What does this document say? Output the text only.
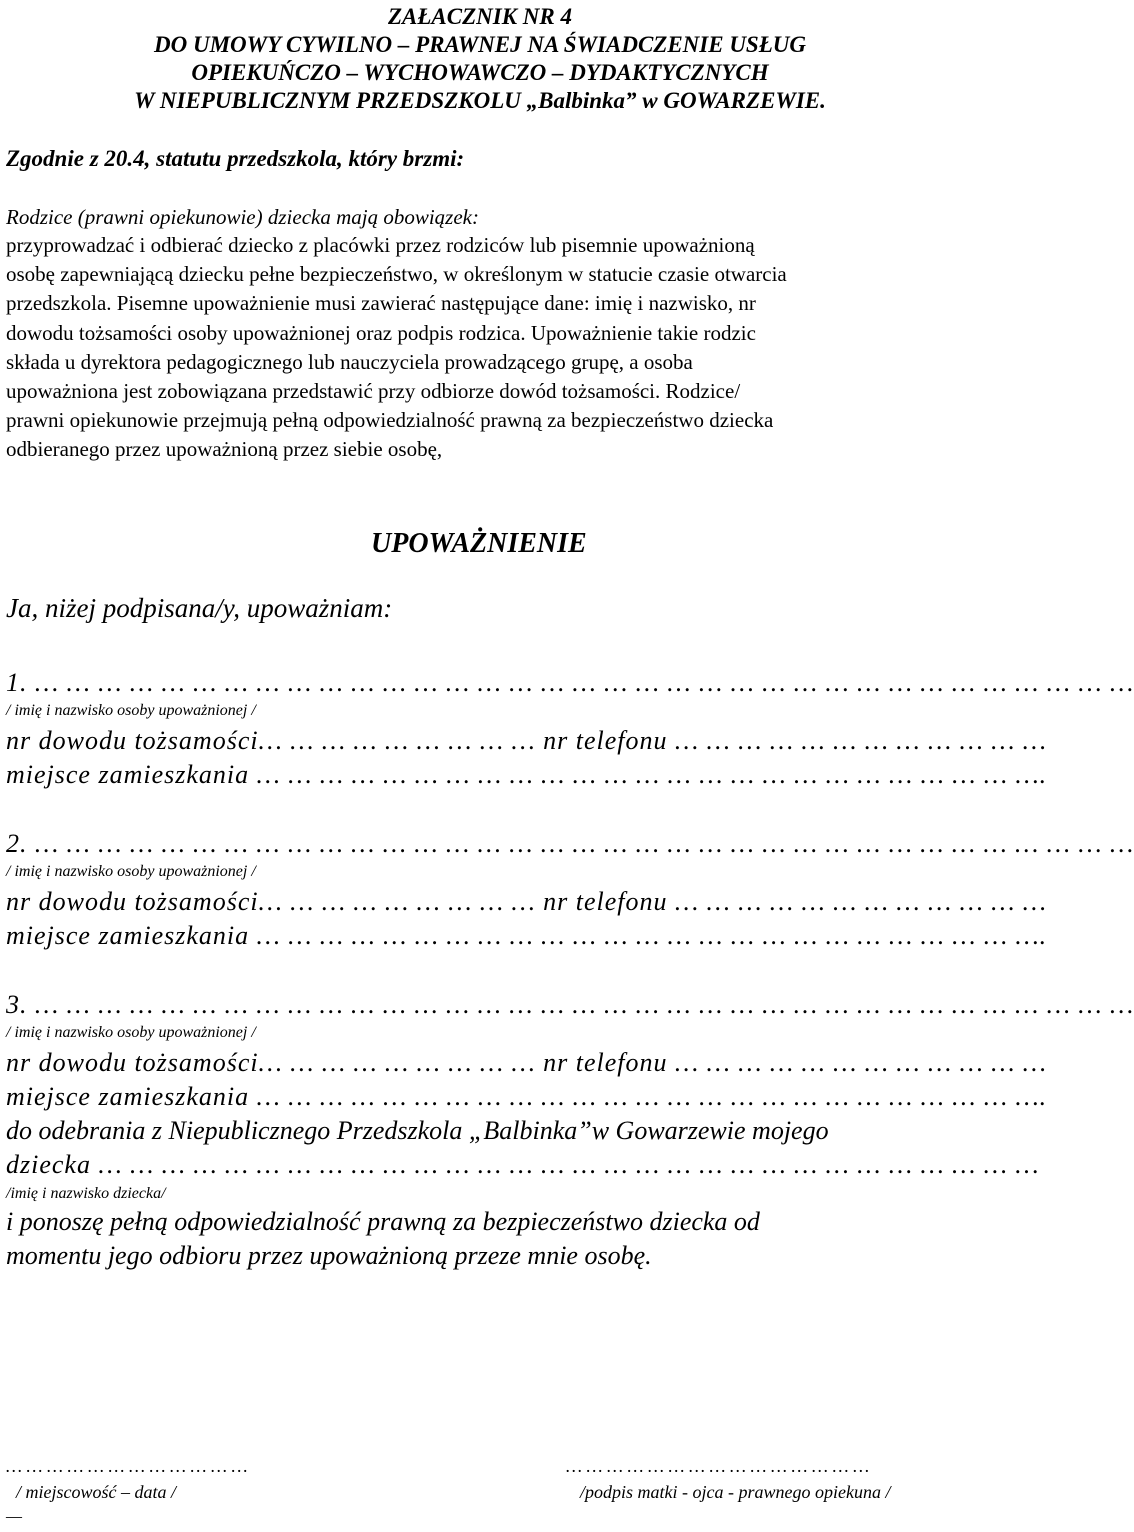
ZAŁACZNIK NR 4
DO UMOWY CYWILNO – PRAWNEJ NA ŚWIADCZENIE USŁUG
OPIEKUŃCZO – WYCHOWAWCZO – DYDAKTYCZNYCH
W NIEPUBLICZNYM PRZEDSZKOLU „Balbinka” w GOWARZEWIE.
Zgodnie z 20.4, statutu przedszkola, który brzmi:
Rodzice (prawni opiekunowie) dziecka mają obowiązek:
przyprowadzać i odbierać dziecko z placówki przez rodziców lub pisemnie upoważnioną
osobę zapewniającą dziecku pełne bezpieczeństwo, w określonym w statucie czasie otwarcia
przedszkola. Pisemne upoważnienie musi zawierać następujące dane: imię i nazwisko, nr
dowodu tożsamości osoby upoważnionej oraz podpis rodzica. Upoważnienie takie rodzic
składa u dyrektora pedagogicznego lub nauczyciela prowadzącego grupę, a osoba
upoważniona jest zobowiązana przedstawić przy odbiorze dowód tożsamości. Rodzice/
prawni opiekunowie przejmują pełną odpowiedzialność prawną za bezpieczeństwo dziecka
odbieranego przez upoważnioną przez siebie osobę,
UPOWAŻNIENIE
Ja, niżej podpisana/y, upoważniam:
1. … … … … … … … … … … … … … … … … … … … … … … … … … … … … … … … … … … …
/ imię i nazwisko osoby upoważnionej /
nr dowodu tożsamości… … … … … … … … … nr telefonu … … … … … … … … … … … …
miejsce zamieszkania … … … … … … … … … … … … … … … … … … … … … … … … ….
2. … … … … … … … … … … … … … … … … … … … … … … … … … … … … … … … … … … …
/ imię i nazwisko osoby upoważnionej /
nr dowodu tożsamości… … … … … … … … … nr telefonu … … … … … … … … … … … …
miejsce zamieszkania … … … … … … … … … … … … … … … … … … … … … … … … ….
3. … … … … … … … … … … … … … … … … … … … … … … … … … … … … … … … … … … …
/ imię i nazwisko osoby upoważnionej /
nr dowodu tożsamości… … … … … … … … … nr telefonu … … … … … … … … … … … …
miejsce zamieszkania … … … … … … … … … … … … … … … … … … … … … … … … ….
do odebrania z Niepublicznego Przedszkola „Balbinka”w Gowarzewie mojego
dziecka … … … … … … … … … … … … … … … … … … … … … … … … … … … … … …
/imię i nazwisko dziecka/
i ponoszę pełną odpowiedzialność prawną za bezpieczeństwo dziecka od
momentu jego odbioru przez upoważnioną przeze mnie osobę.
… … … … … … … … … … … …
/ miejscowość – data /
… … … … … … … … … … … … … … …
/podpis matki - ojca - prawnego opiekuna /
—
